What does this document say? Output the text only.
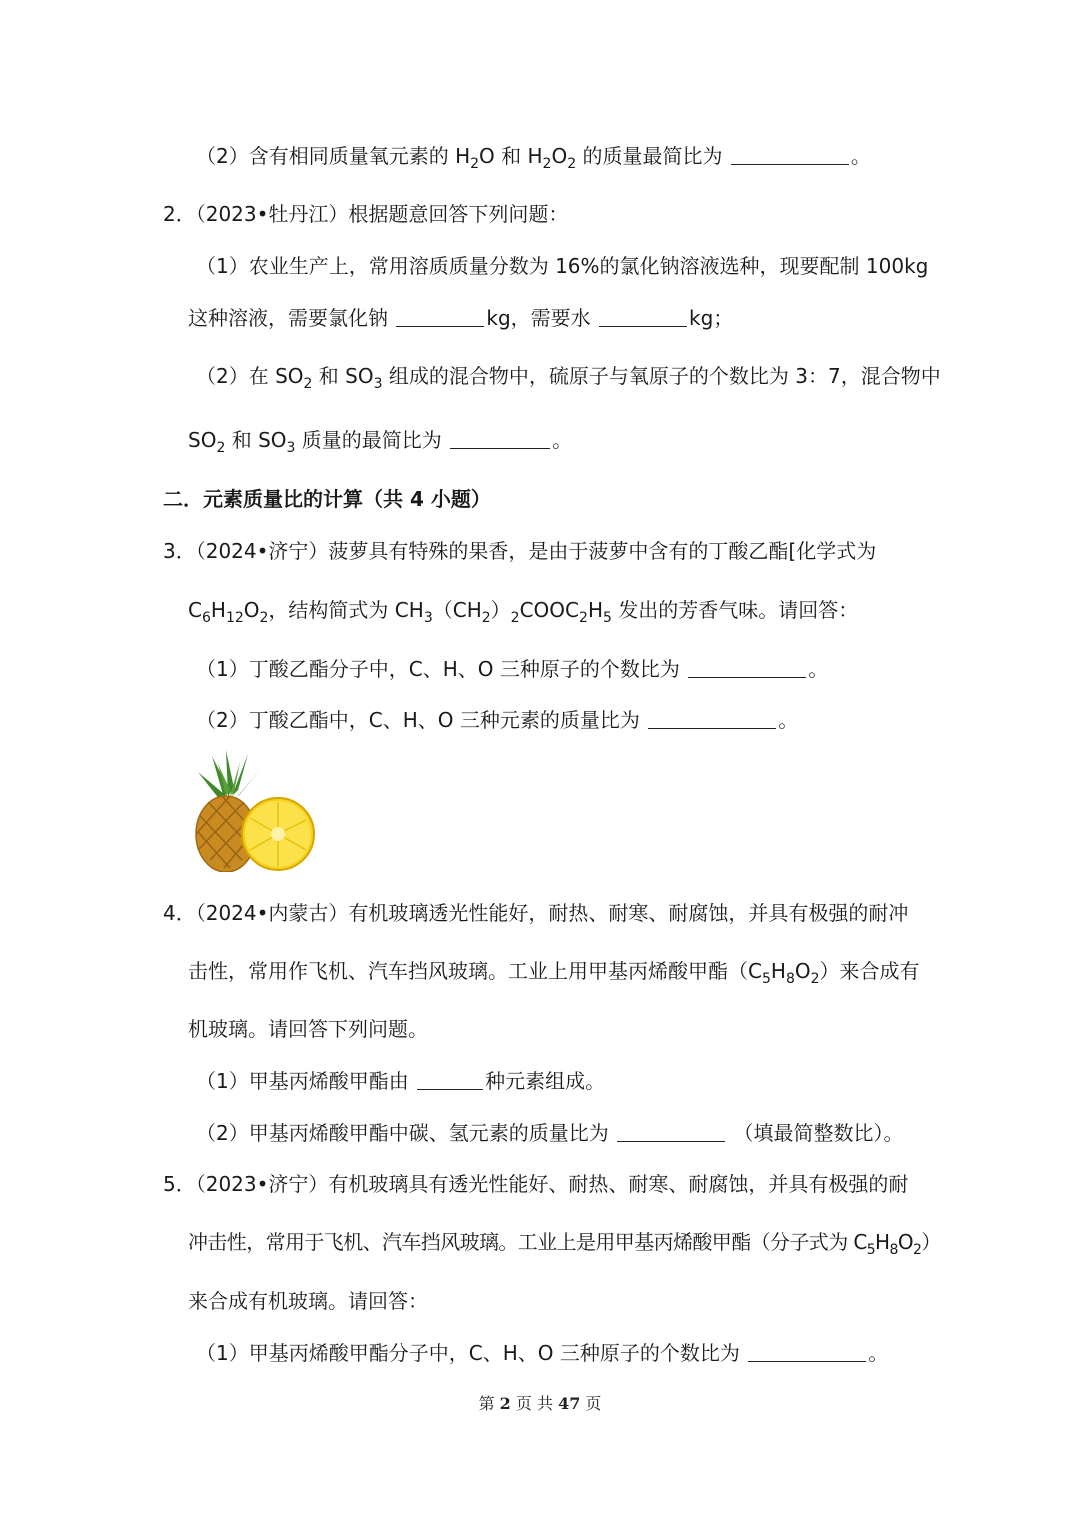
（2）含有相同质量氧元素的 $H_2O$ 和 $H_2O_2$ 的质量最简比为	。
2．（2023•牡丹江）根据题意回答下列问题：
（1）农业生产上，常用溶质质量分数为 16%的氯化钠溶液选种，现要配制 100kg
这种溶液，需要氯化钠	kg，需要水	kg；
（2）在 $SO_2$ 和 $SO_3$ 组成的混合物中，硫原子与氧原子的个数比为 3：7，混合物中
$SO_2$ 和 $SO_3$ 质量的最简比为	。
二．元素质量比的计算（共 4 小题）
3．（2024•济宁）菠萝具有特殊的果香，是由于菠萝中含有的丁酸乙酯[化学式为
$C_6H_{12}O_2$，结构简式为 $CH_3(CH_2)_2COOC_2H_5$ 发出的芳香气味。请回答：
（1）丁酸乙酯分子中，C、H、O 三种原子的个数比为	。
（2）丁酸乙酯中，C、H、O 三种元素的质量比为	。
4．（2024•内蒙古）有机玻璃透光性能好，耐热、耐寒、耐腐蚀，并具有极强的耐冲
击性，常用作飞机、汽车挡风玻璃。工业上用甲基丙烯酸甲酯$(C_5H_8O_2)$来合成有
机玻璃。请回答下列问题。
（1）甲基丙烯酸甲酯由	种元素组成。
（2）甲基丙烯酸甲酯中碳、氢元素的质量比为	（填最简整数比）。
5．（2023•济宁）有机玻璃具有透光性能好、耐热、耐寒、耐腐蚀，并具有极强的耐
冲击性，常用于飞机、汽车挡风玻璃。工业上是用甲基丙烯酸甲酯（分子式为 $C_5H_8O_2$）
来合成有机玻璃。请回答：
（1）甲基丙烯酸甲酯分子中，C、H、O 三种原子的个数比为	。
第 2 页 共 47 页
